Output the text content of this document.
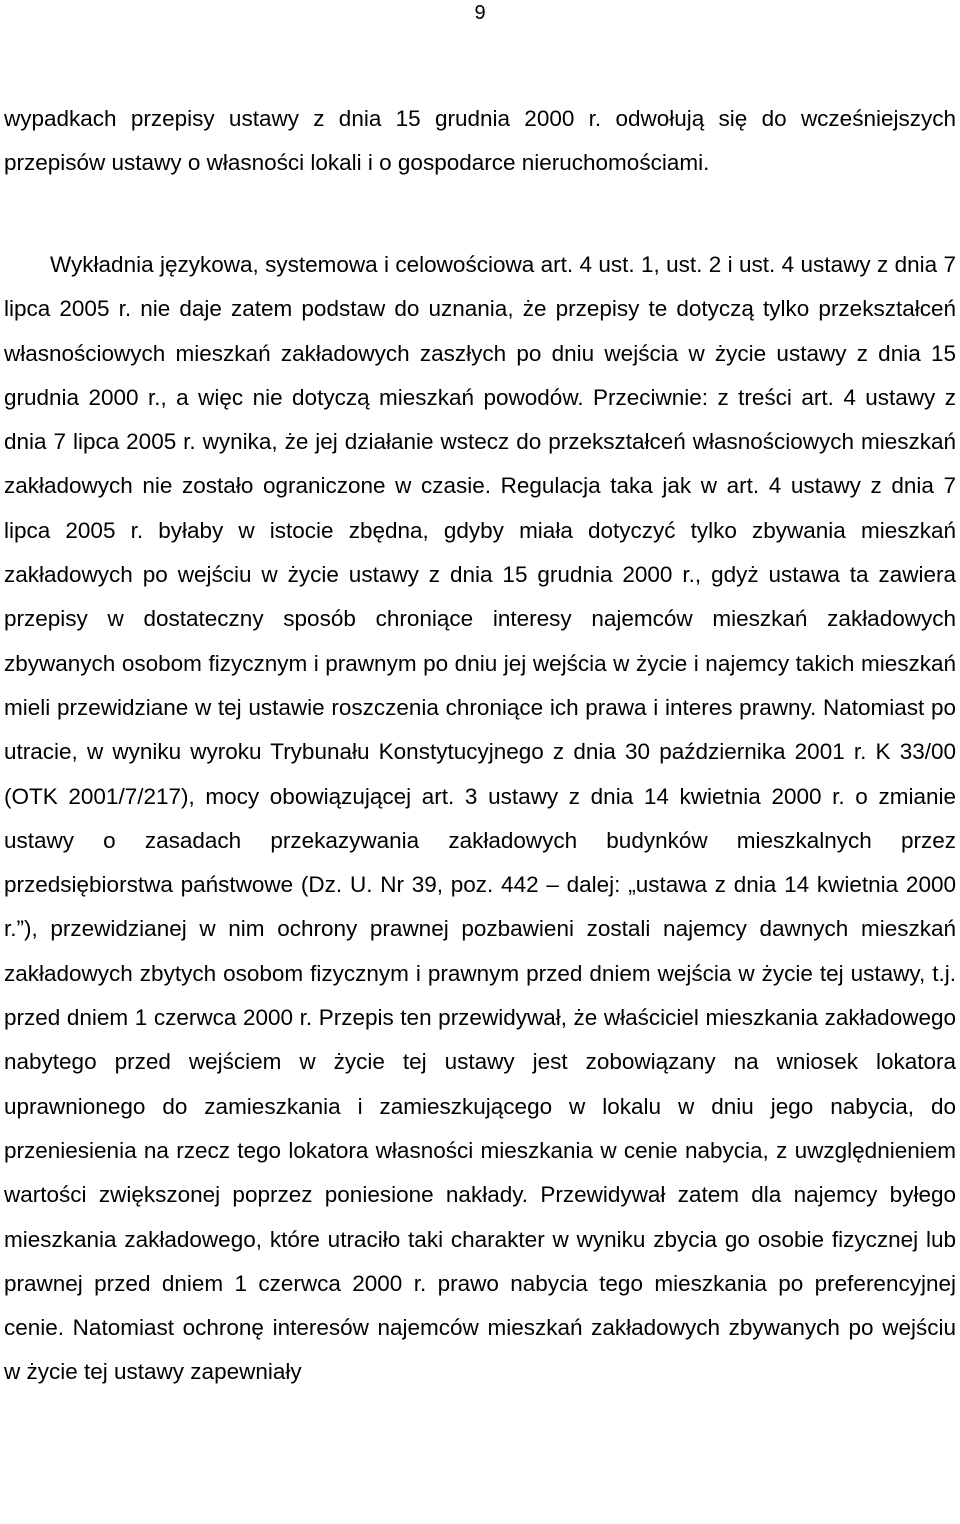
9

wypadkach przepisy ustawy z dnia 15 grudnia 2000 r. odwołują się do wcześniejszych przepisów ustawy o własności lokali i o gospodarce nieruchomościami.

Wykładnia językowa, systemowa i celowościowa art. 4 ust. 1, ust. 2 i ust. 4 ustawy z dnia 7 lipca 2005 r. nie daje zatem podstaw do uznania, że przepisy te dotyczą tylko przekształceń własnościowych mieszkań zakładowych zaszłych po dniu wejścia w życie ustawy z dnia 15 grudnia 2000 r., a więc nie dotyczą mieszkań powodów. Przeciwnie: z treści art. 4 ustawy z dnia 7 lipca 2005 r. wynika, że jej działanie wstecz do przekształceń własnościowych mieszkań zakładowych nie zostało ograniczone w czasie. Regulacja taka jak w art. 4 ustawy z dnia 7 lipca 2005 r. byłaby w istocie zbędna, gdyby miała dotyczyć tylko zbywania mieszkań zakładowych po wejściu w życie ustawy z dnia 15 grudnia 2000 r., gdyż ustawa ta zawiera przepisy w dostateczny sposób chroniące interesy najemców mieszkań zakładowych zbywanych osobom fizycznym i prawnym po dniu jej wejścia w życie i najemcy takich mieszkań mieli przewidziane w tej ustawie roszczenia chroniące ich prawa i interes prawny. Natomiast po utracie, w wyniku wyroku Trybunału Konstytucyjnego z dnia 30 października 2001 r. K 33/00 (OTK 2001/7/217), mocy obowiązującej art. 3 ustawy z dnia 14 kwietnia 2000 r. o zmianie ustawy o zasadach przekazywania zakładowych budynków mieszkalnych przez przedsiębiorstwa państwowe (Dz. U. Nr 39, poz. 442 – dalej: „ustawa z dnia 14 kwietnia 2000 r.”), przewidzianej w nim ochrony prawnej pozbawieni zostali najemcy dawnych mieszkań zakładowych zbytych osobom fizycznym i prawnym przed dniem wejścia w życie tej ustawy, t.j. przed dniem 1 czerwca 2000 r. Przepis ten przewidywał, że właściciel mieszkania zakładowego nabytego przed wejściem w życie tej ustawy jest zobowiązany na wniosek lokatora uprawnionego do zamieszkania i zamieszkującego w lokalu w dniu jego nabycia, do przeniesienia na rzecz tego lokatora własności mieszkania w cenie nabycia, z uwzględnieniem wartości zwiększonej poprzez poniesione nakłady. Przewidywał zatem dla najemcy byłego mieszkania zakładowego, które utraciło taki charakter w wyniku zbycia go osobie fizycznej lub prawnej przed dniem 1 czerwca 2000 r. prawo nabycia tego mieszkania po preferencyjnej cenie. Natomiast ochronę interesów najemców mieszkań zakładowych zbywanych po wejściu w życie tej ustawy zapewniały
